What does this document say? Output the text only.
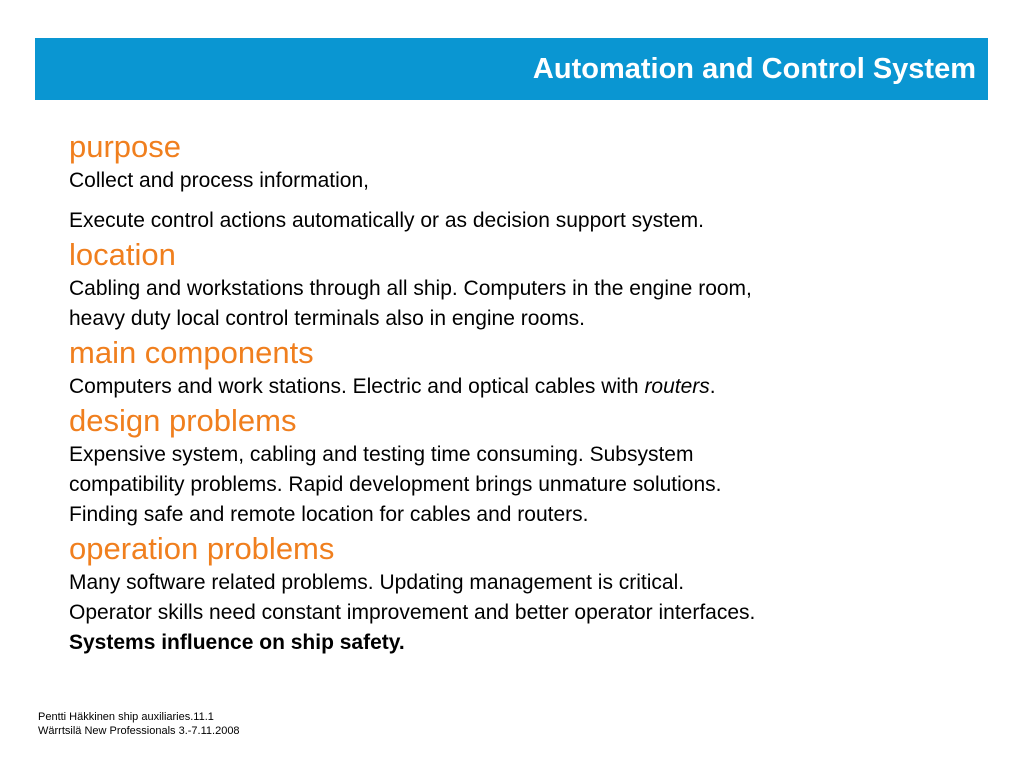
Automation and Control System

purpose

Collect and process information,

Execute control actions automatically or as decision support system.

location

Cabling and workstations through all ship. Computers in the engine room,

heavy duty local control terminals also in engine rooms.

main components

Computers and work stations. Electric and optical cables with routers.

design problems

Expensive system, cabling and testing time consuming. Subsystem

compatibility problems. Rapid development brings unmature solutions.

Finding safe and remote location for cables and routers.

operation problems

Many software related problems. Updating management is critical.

Operator skills need constant improvement and better operator interfaces.

Systems influence on ship safety.

Pentti Häkkinen ship auxiliaries.11.1
Wärrtsilä New Professionals 3.-7.11.2008
